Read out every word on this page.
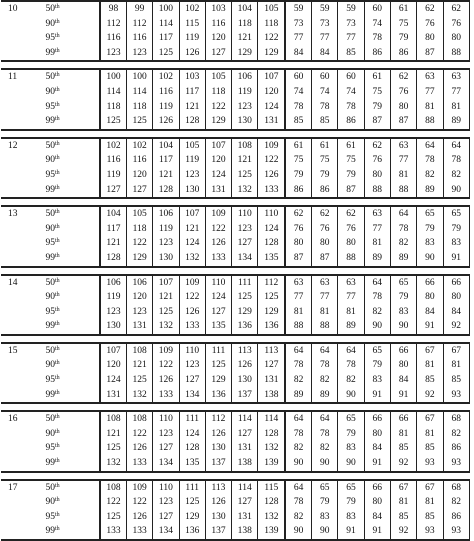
10	50th	98	99	100	102	103	104	105	59	59	59	60	61	62	62
	90th	112	112	114	115	116	118	118	73	73	73	74	75	76	76
	95th	116	116	117	119	120	121	122	77	77	77	78	79	80	80
	99th	123	123	125	126	127	129	129	84	84	85	86	86	87	88

11	50th	100	100	102	103	105	106	107	60	60	60	61	62	63	63
	90th	114	114	116	117	118	119	120	74	74	74	75	76	77	77
	95th	118	118	119	121	122	123	124	78	78	78	79	80	81	81
	99th	125	125	126	128	129	130	131	85	85	86	87	87	88	89

12	50th	102	102	104	105	107	108	109	61	61	61	62	63	64	64
	90th	116	116	117	119	120	121	122	75	75	75	76	77	78	78
	95th	119	120	121	123	124	125	126	79	79	79	80	81	82	82
	99th	127	127	128	130	131	132	133	86	86	87	88	88	89	90

13	50th	104	105	106	107	109	110	110	62	62	62	63	64	65	65
	90th	117	118	119	121	122	123	124	76	76	76	77	78	79	79
	95th	121	122	123	124	126	127	128	80	80	80	81	82	83	83
	99th	128	129	130	132	133	134	135	87	87	88	89	89	90	91

14	50th	106	106	107	109	110	111	112	63	63	63	64	65	66	66
	90th	119	120	121	122	124	125	125	77	77	77	78	79	80	80
	95th	123	123	125	126	127	129	129	81	81	81	82	83	84	84
	99th	130	131	132	133	135	136	136	88	88	89	90	90	91	92

15	50th	107	108	109	110	111	113	113	64	64	64	65	66	67	67
	90th	120	121	122	123	125	126	127	78	78	78	79	80	81	81
	95th	124	125	126	127	129	130	131	82	82	82	83	84	85	85
	99th	131	132	133	134	136	137	138	89	89	90	91	91	92	93

16	50th	108	108	110	111	112	114	114	64	64	65	66	66	67	68
	90th	121	122	123	124	126	127	128	78	78	79	80	81	81	82
	95th	125	126	127	128	130	131	132	82	82	83	84	85	85	86
	99th	132	133	134	135	137	138	139	90	90	90	91	92	93	93

17	50th	108	109	110	111	113	114	115	64	65	65	66	67	67	68
	90th	122	122	123	125	126	127	128	78	79	79	80	81	81	82
	95th	125	126	127	129	130	131	132	82	83	83	84	85	85	86
	99th	133	133	134	136	137	138	139	90	90	91	91	92	93	93
